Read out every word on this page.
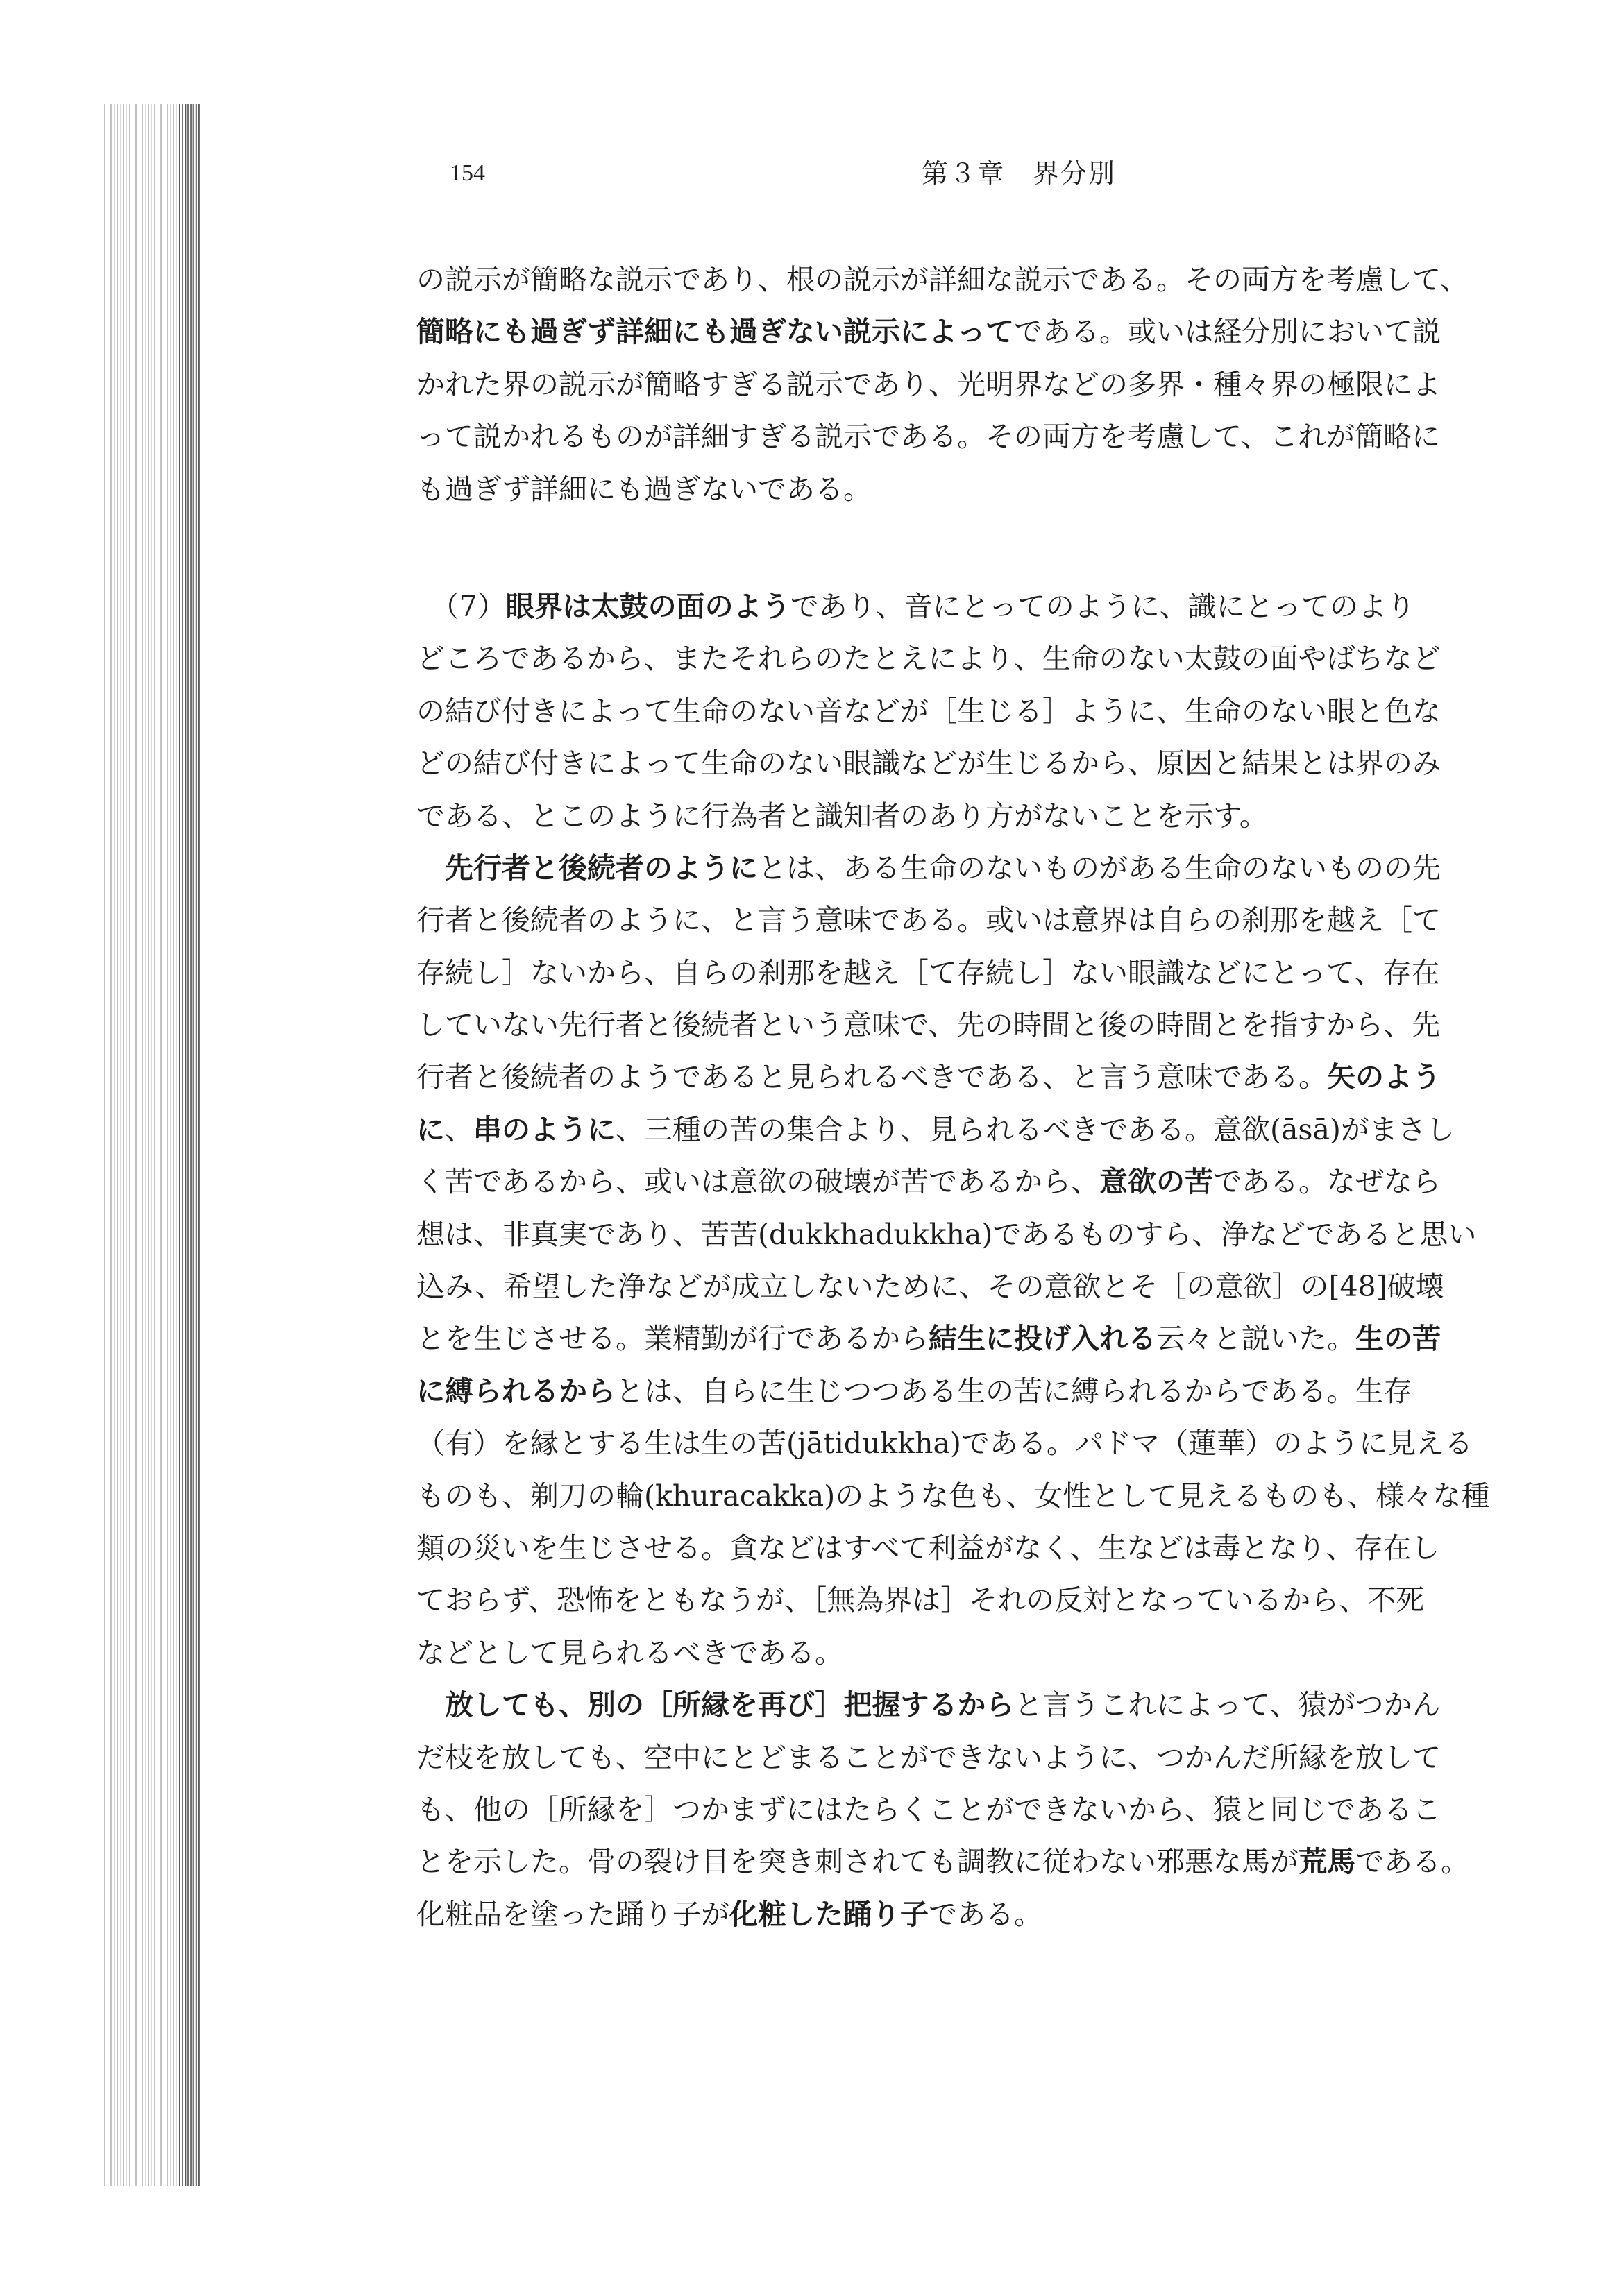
154	第３章　界分別
の説示が簡略な説示であり、根の説示が詳細な説示である。その両方を考慮して、
簡略にも過ぎず詳細にも過ぎない説示によってである。或いは経分別において説
かれた界の説示が簡略すぎる説示であり、光明界などの多界・種々界の極限によ
って説かれるものが詳細すぎる説示である。その両方を考慮して、これが簡略に
も過ぎず詳細にも過ぎないである。
　（7）眼界は太鼓の面のようであり、音にとってのように、識にとってのより
どころであるから、またそれらのたとえにより、生命のない太鼓の面やばちなど
の結び付きによって生命のない音などが［生じる］ように、生命のない眼と色な
どの結び付きによって生命のない眼識などが生じるから、原因と結果とは界のみ
である、とこのように行為者と識知者のあり方がないことを示す。
　先行者と後続者のようにとは、ある生命のないものがある生命のないものの先
行者と後続者のように、と言う意味である。或いは意界は自らの刹那を越え［て
存続し］ないから、自らの刹那を越え［て存続し］ない眼識などにとって、存在
していない先行者と後続者という意味で、先の時間と後の時間とを指すから、先
行者と後続者のようであると見られるべきである、と言う意味である。矢のよう
に、串のように、三種の苦の集合より、見られるべきである。意欲(āsā)がまさし
く苦であるから、或いは意欲の破壊が苦であるから、意欲の苦である。なぜなら
想は、非真実であり、苦苦(dukkhadukkha)であるものすら、浄などであると思い
込み、希望した浄などが成立しないために、その意欲とそ［の意欲］の[48]破壊
とを生じさせる。業精勤が行であるから結生に投げ入れる云々と説いた。生の苦
に縛られるからとは、自らに生じつつある生の苦に縛られるからである。生存
（有）を縁とする生は生の苦(jātidukkha)である。パドマ（蓮華）のように見える
ものも、剃刀の輪(khuracakka)のような色も、女性として見えるものも、様々な種
類の災いを生じさせる。貪などはすべて利益がなく、生などは毒となり、存在し
ておらず、恐怖をともなうが、［無為界は］それの反対となっているから、不死
などとして見られるべきである。
　放しても、別の［所縁を再び］把握するからと言うこれによって、猿がつかん
だ枝を放しても、空中にとどまることができないように、つかんだ所縁を放して
も、他の［所縁を］つかまずにはたらくことができないから、猿と同じであるこ
とを示した。骨の裂け目を突き刺されても調教に従わない邪悪な馬が荒馬である。
化粧品を塗った踊り子が化粧した踊り子である。
